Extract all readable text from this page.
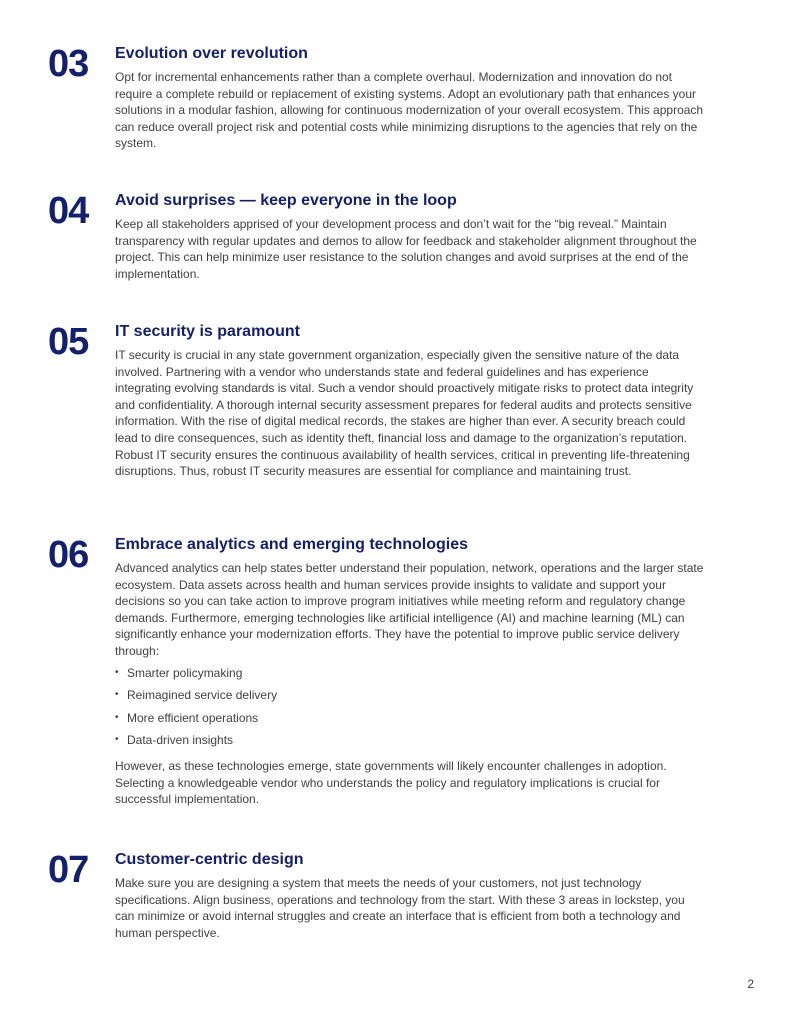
03 Evolution over revolution

Opt for incremental enhancements rather than a complete overhaul. Modernization and innovation do not require a complete rebuild or replacement of existing systems. Adopt an evolutionary path that enhances your solutions in a modular fashion, allowing for continuous modernization of your overall ecosystem. This approach can reduce overall project risk and potential costs while minimizing disruptions to the agencies that rely on the system.

04 Avoid surprises — keep everyone in the loop

Keep all stakeholders apprised of your development process and don’t wait for the “big reveal.” Maintain transparency with regular updates and demos to allow for feedback and stakeholder alignment throughout the project. This can help minimize user resistance to the solution changes and avoid surprises at the end of the implementation.

05 IT security is paramount

IT security is crucial in any state government organization, especially given the sensitive nature of the data involved. Partnering with a vendor who understands state and federal guidelines and has experience integrating evolving standards is vital. Such a vendor should proactively mitigate risks to protect data integrity and confidentiality. A thorough internal security assessment prepares for federal audits and protects sensitive information. With the rise of digital medical records, the stakes are higher than ever. A security breach could lead to dire consequences, such as identity theft, financial loss and damage to the organization’s reputation. Robust IT security ensures the continuous availability of health services, critical in preventing life-threatening disruptions. Thus, robust IT security measures are essential for compliance and maintaining trust.

06 Embrace analytics and emerging technologies

Advanced analytics can help states better understand their population, network, operations and the larger state ecosystem. Data assets across health and human services provide insights to validate and support your decisions so you can take action to improve program initiatives while meeting reform and regulatory change demands. Furthermore, emerging technologies like artificial intelligence (AI) and machine learning (ML) can significantly enhance your modernization efforts. They have the potential to improve public service delivery through:

• Smarter policymaking
• Reimagined service delivery
• More efficient operations
• Data-driven insights

However, as these technologies emerge, state governments will likely encounter challenges in adoption. Selecting a knowledgeable vendor who understands the policy and regulatory implications is crucial for successful implementation.

07 Customer-centric design

Make sure you are designing a system that meets the needs of your customers, not just technology specifications. Align business, operations and technology from the start. With these 3 areas in lockstep, you can minimize or avoid internal struggles and create an interface that is efficient from both a technology and human perspective.

2
